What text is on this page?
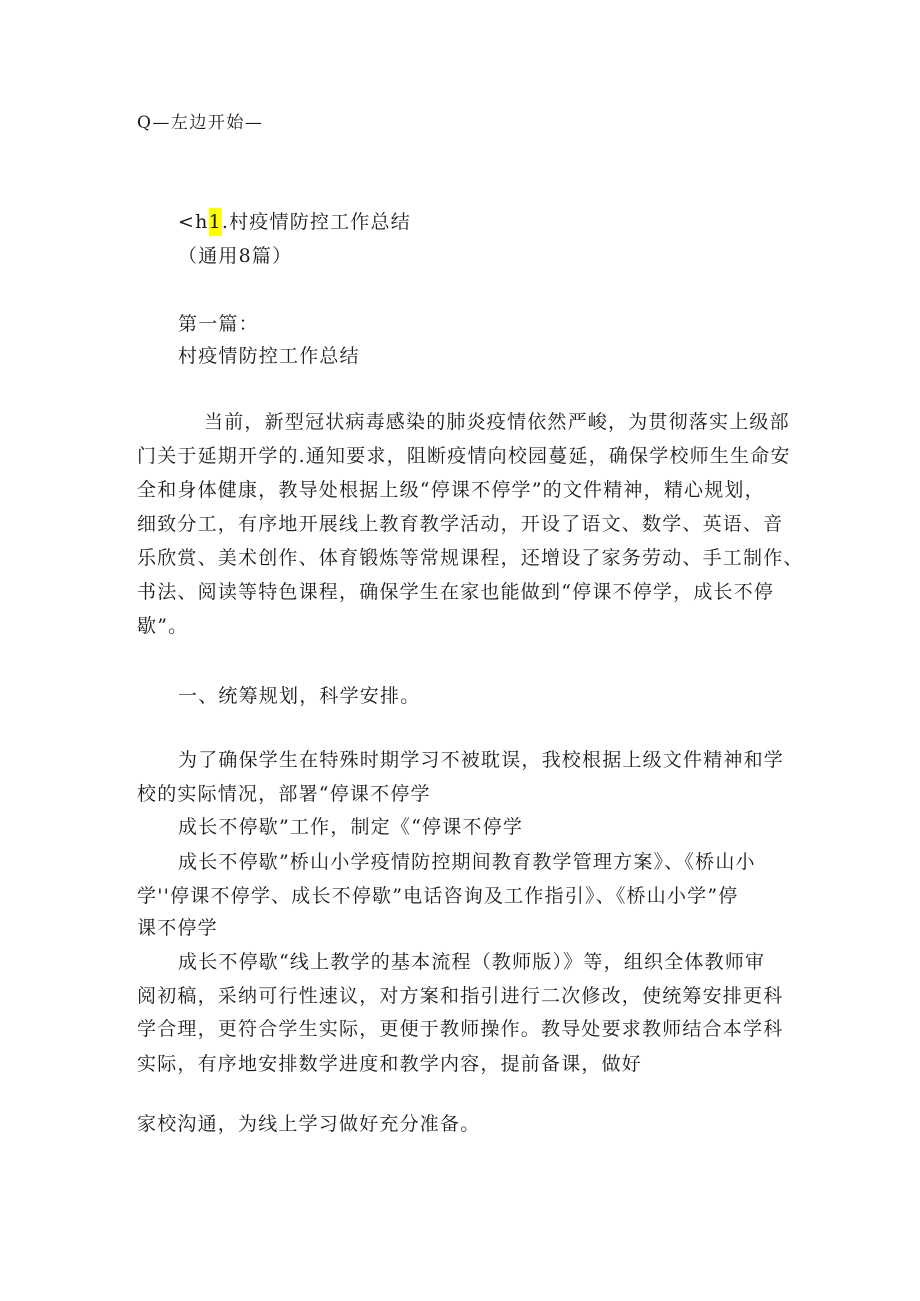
Q—左边开始—
<h1.村疫情防控工作总结
（通用8篇）
第一篇：
村疫情防控工作总结
当前，新型冠状病毒感染的肺炎疫情依然严峻，为贯彻落实上级部
门关于延期开学的.通知要求，阻断疫情向校园蔓延，确保学校师生生命安
全和身体健康，教导处根据上级“停课不停学”的文件精神，精心规划，
细致分工，有序地开展线上教育教学活动，开设了语文、数学、英语、音
乐欣赏、美术创作、体育锻炼等常规课程，还增设了家务劳动、手工制作、
书法、阅读等特色课程，确保学生在家也能做到“停课不停学，成长不停
歇”。
一、统筹规划，科学安排。
为了确保学生在特殊时期学习不被耽误，我校根据上级文件精神和学
校的实际情况，部署“停课不停学
成长不停歇”工作，制定《“停课不停学
成长不停歇”桥山小学疫情防控期间教育教学管理方案》、《桥山小
学''停课不停学、成长不停歇”电话咨询及工作指引》、《桥山小学”停
课不停学
成长不停歇“线上教学的基本流程（教师版）》等，组织全体教师审
阅初稿，采纳可行性速议，对方案和指引进行二次修改，使统筹安排更科
学合理，更符合学生实际，更便于教师操作。教导处要求教师结合本学科
实际，有序地安排数学进度和教学内容，提前备课，做好
家校沟通，为线上学习做好充分准备。
